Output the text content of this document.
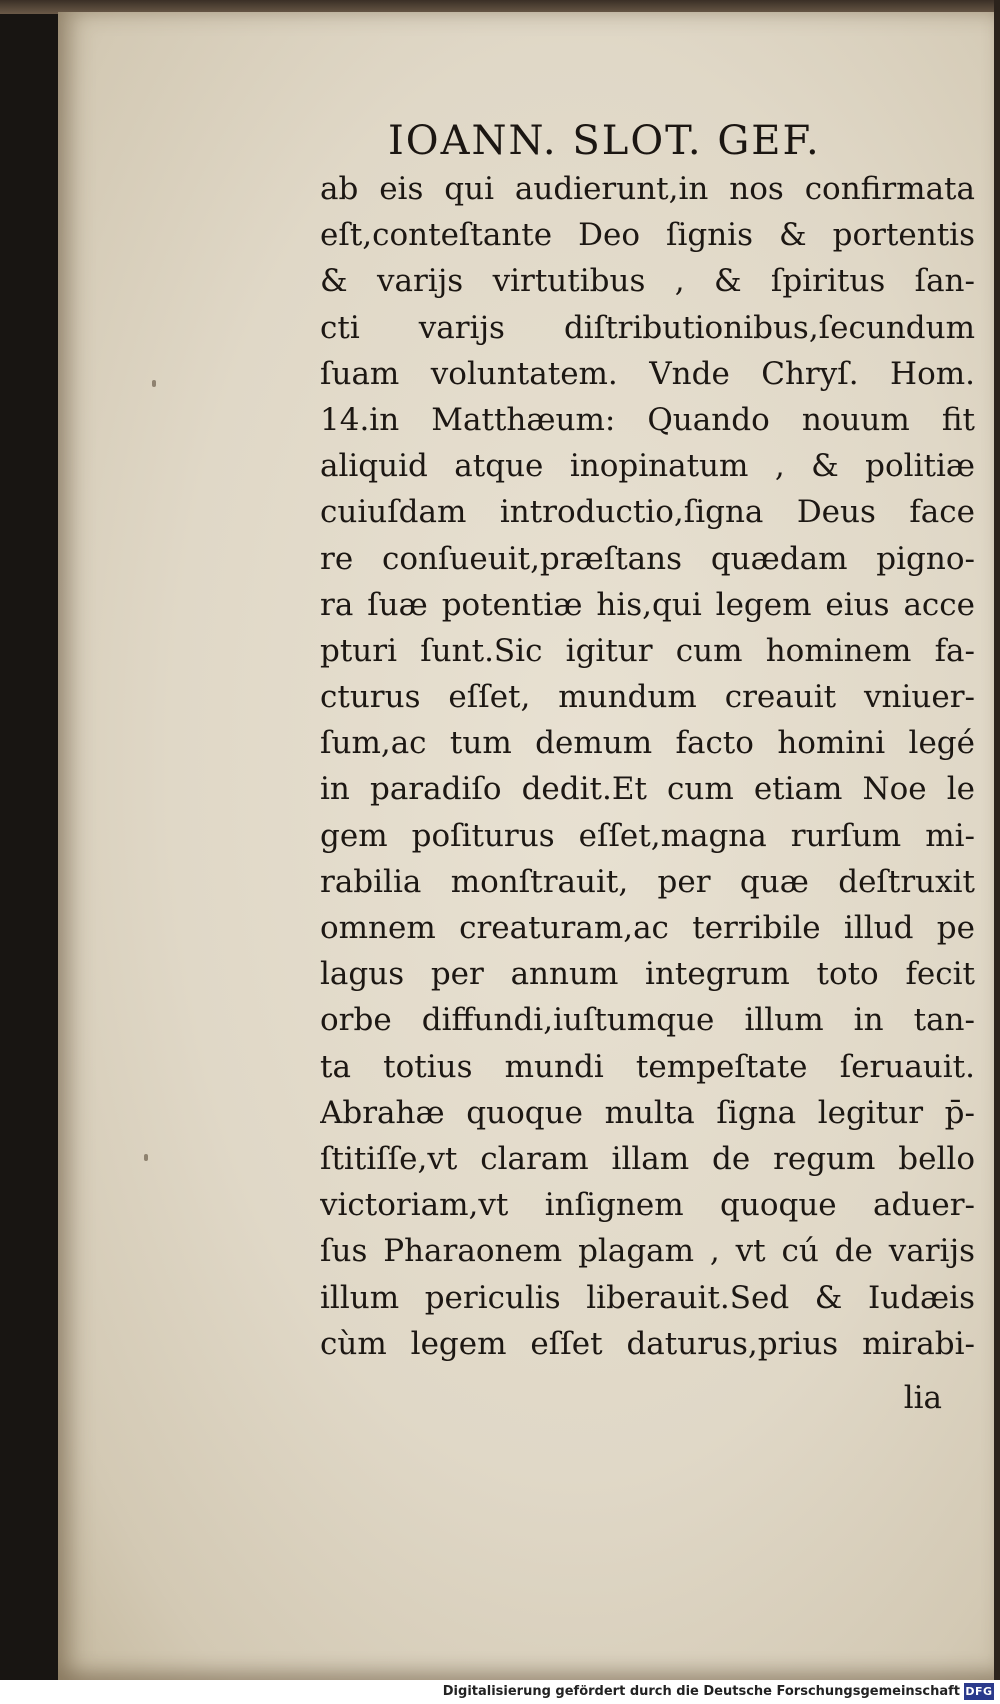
IOANN. SLOT. GEF.
ab eis qui audierunt,in nos confirmata
eſt,conteſtante Deo ſignis & portentis
& varijs virtutibus , & ſpiritus ſan-
cti varijs diſtributionibus,ſecundum
ſuam voluntatem. Vnde Chryſ. Hom.
14.in Matthæum: Quando nouum fit
aliquid atque inopinatum , & politiæ
cuiuſdam introductio,ſigna Deus face
re conſueuit,præſtans quædam pigno-
ra ſuæ potentiæ his,qui legem eius acce
pturi ſunt.Sic igitur cum hominem fa-
cturus eſſet, mundum creauit vniuer-
ſum,ac tum demum facto homini legé
in paradiſo dedit.Et cum etiam Noe le
gem poſiturus eſſet,magna rurſum mi-
rabilia monſtrauit, per quæ deſtruxit
omnem creaturam,ac terribile illud pe
lagus per annum integrum toto fecit
orbe diffundi,iuſtumque illum in tan-
ta totius mundi tempeſtate ſeruauit.
Abrahæ quoque multa ſigna legitur p̄-
ſtitiſſe,vt claram illam de regum bello
victoriam,vt inſignem quoque aduer-
ſus Pharaonem plagam , vt cú de varijs
illum periculis liberauit.Sed & Iudæis
cùm legem eſſet daturus,prius mirabi-
lia
Digitalisierung gefördert durch die Deutsche Forschungsgemeinschaft DFG
